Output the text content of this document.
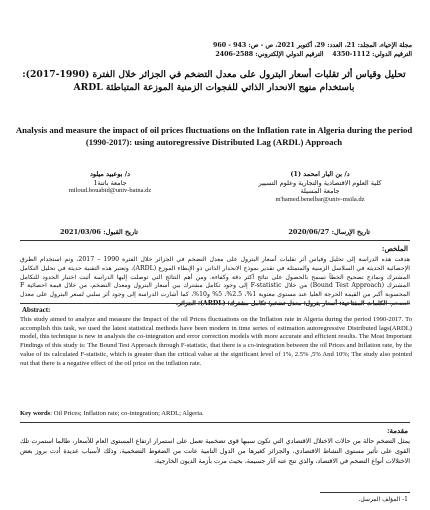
مجلة الإحياء، المجلد: 21، العدد: 29، أكتوبر 2021، ص - ص: 943 - 960
الترقيم الدولي: 1112-4350    الترقيم الدولي الإلكتروني: 2588-2406
تحليل وقياس أثر تقلبات أسعار البترول على معدل التضخم في الجزائر خلال الفترة (1990-2017): باستخدام منهج الانحدار الذاتي للفجوات الزمنية الموزعة المتباطئة ARDL
Analysis and measure the impact of oil prices fluctuations on the Inflation rate in Algeria during the period (1990-2017): using autoregressive Distributed Lag (ARDL) Approach
د/ بن البار امحمد (1)
كلية العلوم الاقتصادية والتجارية وعلوم التسيير
جامعة المسيلة
m'hamed.benelbar@univ-msila.dz
د/ بوعبيد ميلود
جامعة باتنة1
miloud.bouabid@univ-batna.dz
تاريخ الإرسال: 2020/06/27
تاريخ القبول: 2021/03/06
الملخص:
هدفت هذه الدراسة إلى تحليل وقياس أثر تقلبات أسعار البترول على معدل التضخم في الجزائر خلال الفترة 1990 – 2017، وتم استخدام الطرق الإحصائية الحديثة في السلاسل الزمنية والمتمثلة في تقدير نموذج الانحدار الذاتي ذو الإبطاء الموزع (ARDL)، وتعتبر هذه التقنية حديثة في تحليل التكامل المشترك ونماذج تصحيح الخطأ تسمح بالحصول على نتائج أكثر دقة وكفاءة. ومن أهم النتائج التي توصلت إليها الدراسة أثبت اختبار الحدود للتكامل المشترك (Bound Test Approach) من خلال F-statistic إلى وجود تكامل مشترك بين أسعار البترول ومعدل التضخم، من خلال قيمة احصائية F المحسوبة أكبر من القيمة الحرجة العليا عند مستوى معنوية 1%، 2.5%، 5% و10%، كما أشارت الدراسة إلى وجود أثر سلبي لسعر البترول على معدل التضخم. الكلمات المفتاحية: أسعار بترول؛ معدل تضخم؛ تكامل مشترك؛ (ARDL)؛ الجزائر.
Abstract:
This study aimed to analyze and measure the Impact of the oil Prices fluctuations on the Inflation rate in Algeria during the period 1990-2017. To accomplish this task, we used the latest statistical methods have been modern in time series of estimation autoregressive Distributed lags(ARDL) model, this technique is new in analysis the co-integration and error correction models with more accurate and efficient results. The Most Important Findings of this study is: The Bound Test Approach through F-statistic, that there is a co-integration between the oil Prices and Inflation rate, by the value of its calculated F-statistic, which is greater than the critical value at the significant level of 1%, 2.5% ,5% And 10%; The study also pointed out that there is a negative effect of the oil price on the inflation rate.
Key words: Oil Prices; Inflation rate; co-integration; ARDL; Algeria.
مقدمة:
يمثل التضخم حالة من حالات الاختلال الاقتصادي التي تكون سببها قوى تضخمية تعمل على استمرار ارتفاع المستوى العام للأسعار، طالما استمرت تلك القوى على تأثير مستوى النشاط الاقتصادي، والجزائر كغيرها من الدول النامية عانت من الضغوط التضخمية، وذلك لأسباب عديدة أدت بروز بعض الاختلالات أنواع التضخم في الاقتصاد، والذي نتج عنه آثار جسيمة، بحيث مرت بأزمة الديون الخارجية،
1- المؤلف المرسل.
